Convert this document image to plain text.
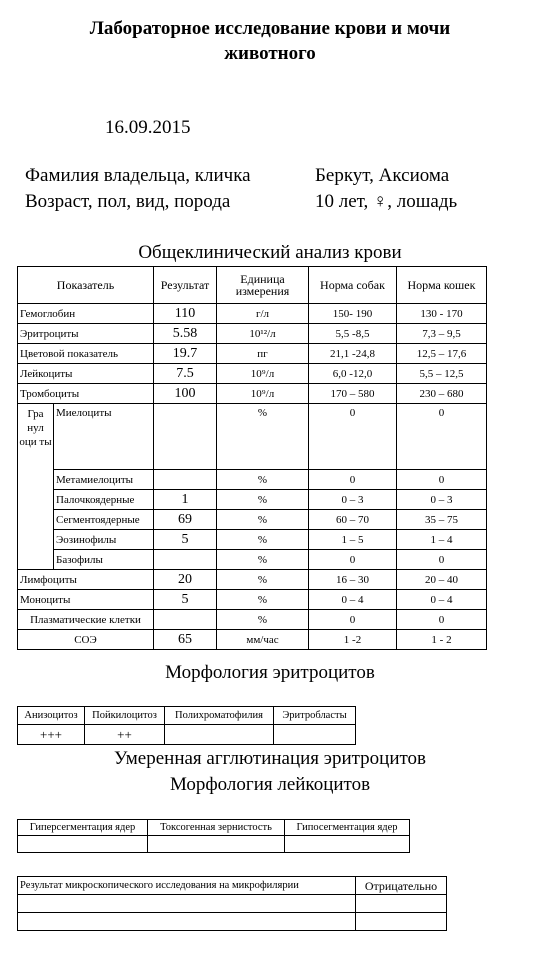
Лабораторное исследование крови и мочи
животного
16.09.2015
Фамилия владельца, кличка	Беркут, Аксиома
Возраст, пол, вид, порода	10 лет, ♀, лошадь
Общеклинический анализ крови
Показатель		Результат	Единица измерения	Норма собак	Норма кошек
Гемоглобин		110	г/л	150- 190	130 - 170
Эритроциты		5.58	10¹²/л	5,5 -8,5	7,3 – 9,5
Цветовой показатель		19.7	пг	21,1 -24,8	12,5 – 17,6
Лейкоциты		7.5	10⁹/л	6,0 -12,0	5,5 – 12,5
Тромбоциты		100	10⁹/л	170 – 580	230 – 680
Гра нул оци ты	Миелоциты		%	0	0
	Метамиелоциты		%	0	0
	Палочкоядерные	1	%	0 – 3	0 – 3
	Сегментоядерные	69	%	60 – 70	35 – 75
	Эозинофилы	5	%	1 – 5	1 – 4
	Базофилы		%	0	0
Лимфоциты		20	%	16 – 30	20 – 40
Моноциты		5	%	0 – 4	0 – 4
Плазматические клетки			%	0	0
СОЭ		65	мм/час	1 -2	1 - 2
Морфология эритроцитов
Анизоцитоз	Пойкилоцитоз	Полихроматофилия	Эритробласты
+++	++		
Умеренная агглютинация эритроцитов
Морфология лейкоцитов
Гиперсегментация ядер	Токсогенная зернистость	Гипосегментация ядер

Результат микроскопического исследования на микрофилярии	Отрицательно
